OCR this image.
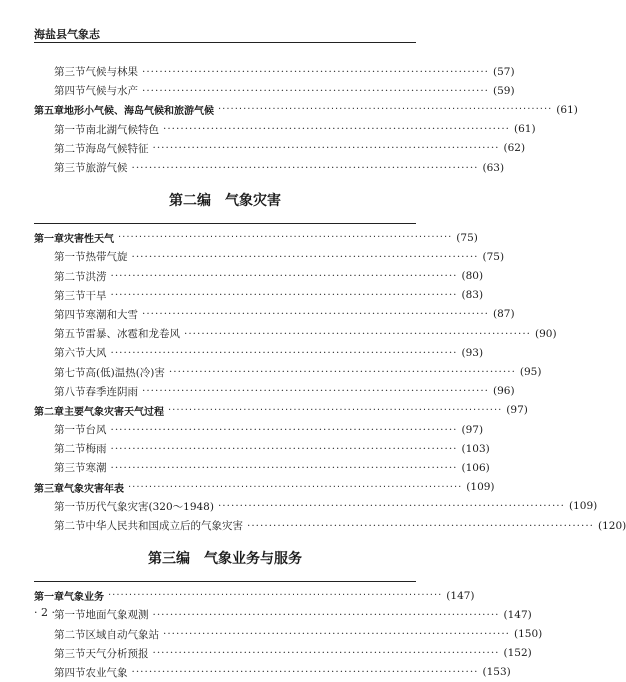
海盐县气象志
第三节 气候与林果 ················································································ (57)
第四节 气候与水产 ················································································ (59)
第五章 地形小气候、海岛气候和旅游气候 ················································································ (61)
第一节 南北湖气候特色 ················································································ (61)
第二节 海岛气候特征 ················································································ (62)
第三节 旅游气候 ················································································ (63)
第二编　气象灾害
第一章 灾害性天气 ················································································ (75)
第一节 热带气旋 ················································································ (75)
第二节 洪涝 ················································································ (80)
第三节 干旱 ················································································ (83)
第四节 寒潮和大雪 ················································································ (87)
第五节 雷暴、冰雹和龙卷风 ················································································ (90)
第六节 大风 ················································································ (93)
第七节 高(低)温热(冷)害 ················································································ (95)
第八节 春季连阴雨 ················································································ (96)
第二章 主要气象灾害天气过程 ················································································ (97)
第一节 台风 ················································································ (97)
第二节 梅雨 ················································································ (103)
第三节 寒潮 ················································································ (106)
第三章 气象灾害年表 ················································································ (109)
第一节 历代气象灾害(320～1948) ················································································ (109)
第二节 中华人民共和国成立后的气象灾害 ················································································ (120)
第三编　气象业务与服务
第一章 气象业务 ················································································ (147)
第一节 地面气象观测 ················································································ (147)
第二节 区域自动气象站 ················································································ (150)
第三节 天气分析预报 ················································································ (152)
第四节 农业气象 ················································································ (153)
· 2 ·
